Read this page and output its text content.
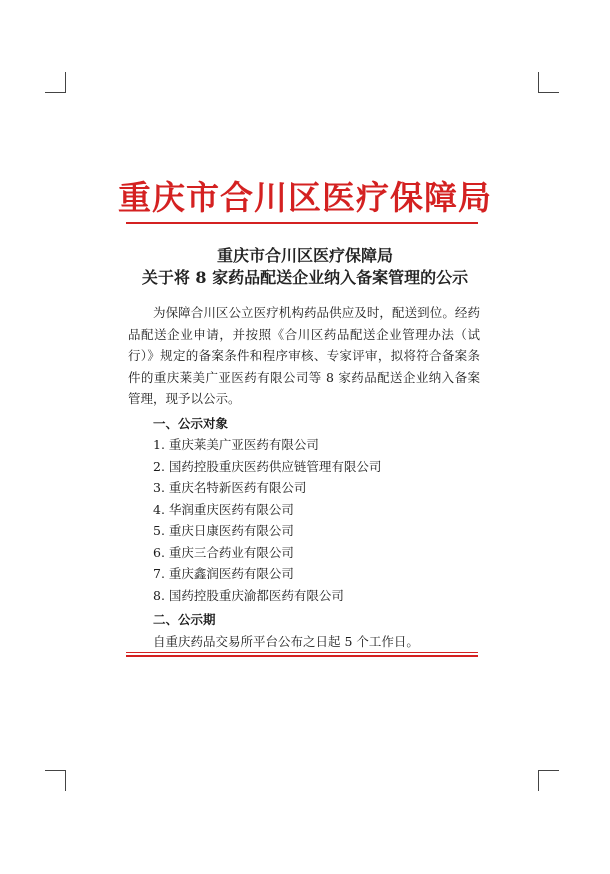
重庆市合川区医疗保障局
重庆市合川区医疗保障局
关于将 8 家药品配送企业纳入备案管理的公示

为保障合川区公立医疗机构药品供应及时，配送到位。经药品配送企业申请，并按照《合川区药品配送企业管理办法（试行）》规定的备案条件和程序审核、专家评审，拟将符合备案条件的重庆莱美广亚医药有限公司等 8 家药品配送企业纳入备案管理，现予以公示。

一、公示对象
1. 重庆莱美广亚医药有限公司
2. 国药控股重庆医药供应链管理有限公司
3. 重庆名特新医药有限公司
4. 华润重庆医药有限公司
5. 重庆日康医药有限公司
6. 重庆三合药业有限公司
7. 重庆鑫润医药有限公司
8. 国药控股重庆渝都医药有限公司
二、公示期
自重庆药品交易所平台公布之日起 5 个工作日。
